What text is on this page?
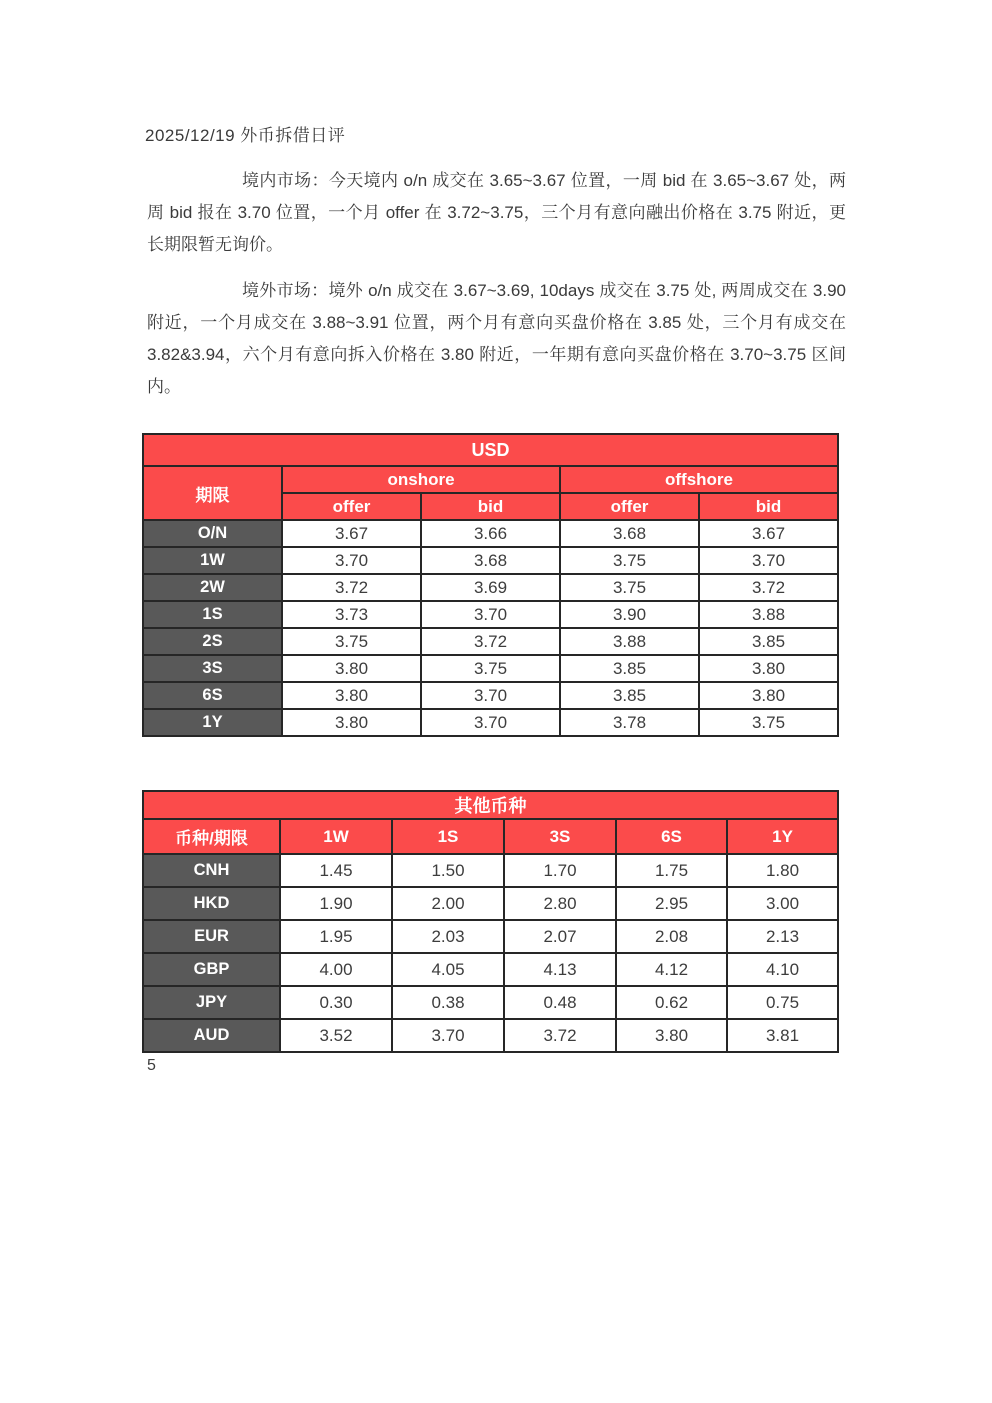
2025/12/19 外币拆借日评

境内市场：今天境内 o/n 成交在 3.65~3.67 位置，一周 bid 在 3.65~3.67 处，两周 bid 报在 3.70 位置，一个月 offer 在 3.72~3.75，三个月有意向融出价格在 3.75 附近，更长期限暂无询价。

境外市场：境外 o/n 成交在 3.67~3.69, 10days 成交在 3.75 处, 两周成交在 3.90 附近，一个月成交在 3.88~3.91 位置，两个月有意向买盘价格在 3.85 处，三个月有成交在 3.82&3.94，六个月有意向拆入价格在 3.80 附近，一年期有意向买盘价格在 3.70~3.75 区间内。

USD				
期限	onshore		offshore	
	offer	bid	offer	bid
O/N	3.67	3.66	3.68	3.67
1W	3.70	3.68	3.75	3.70
2W	3.72	3.69	3.75	3.72
1S	3.73	3.70	3.90	3.88
2S	3.75	3.72	3.88	3.85
3S	3.80	3.75	3.85	3.80
6S	3.80	3.70	3.85	3.80
1Y	3.80	3.70	3.78	3.75
其他币种					
币种/期限	1W	1S	3S	6S	1Y
CNH	1.45	1.50	1.70	1.75	1.80
HKD	1.90	2.00	2.80	2.95	3.00
EUR	1.95	2.03	2.07	2.08	2.13
GBP	4.00	4.05	4.13	4.12	4.10
JPY	0.30	0.38	0.48	0.62	0.75
AUD	3.52	3.70	3.72	3.80	3.81
5
